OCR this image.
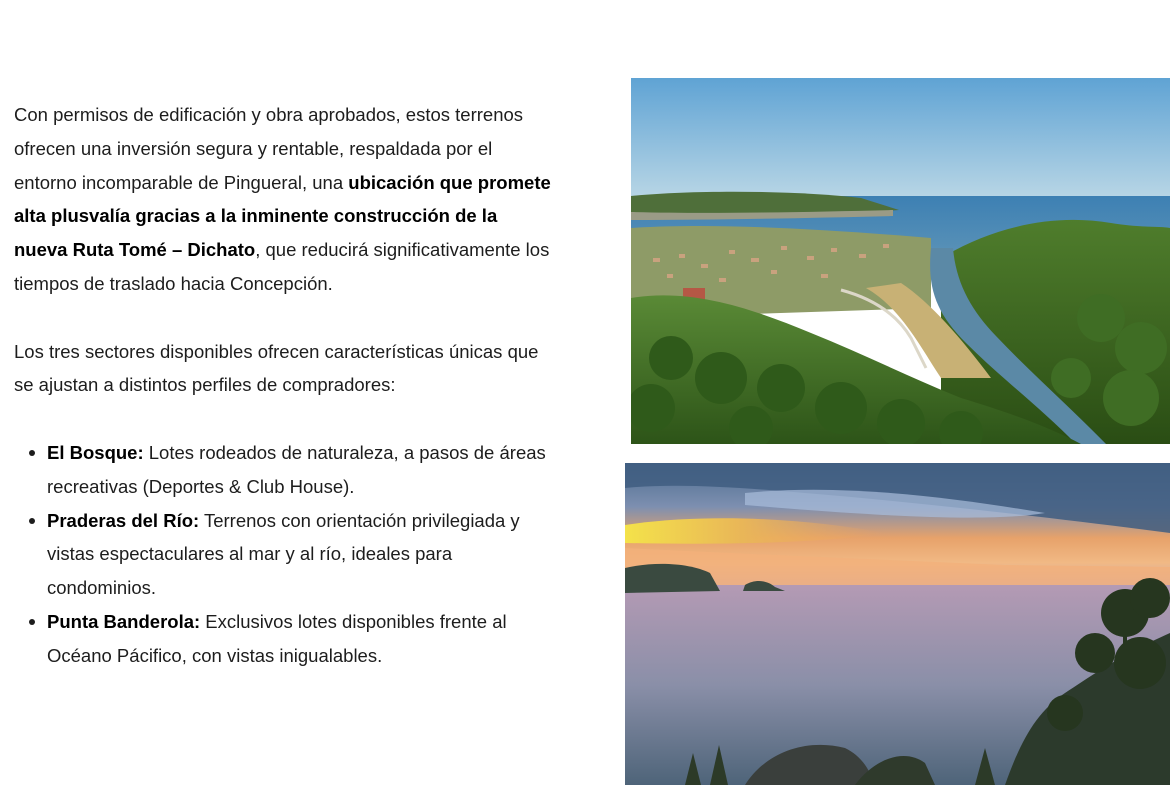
Con permisos de edificación y obra aprobados, estos terrenos ofrecen una inversión segura y rentable, respaldada por el entorno incomparable de Pingueral, una ubicación que promete alta plusvalía gracias a la inminente construcción de la nueva Ruta Tomé – Dichato, que reducirá significativamente los tiempos de traslado hacia Concepción.

Los tres sectores disponibles ofrecen características únicas que se ajustan a distintos perfiles de compradores:

El Bosque: Lotes rodeados de naturaleza, a pasos de áreas recreativas (Deportes & Club House).
Praderas del Río: Terrenos con orientación privilegiada y vistas espectaculares al mar y al río, ideales para condominios.
Punta Banderola: Exclusivos lotes disponibles frente al Océano Pácifico, con vistas inigualables.
